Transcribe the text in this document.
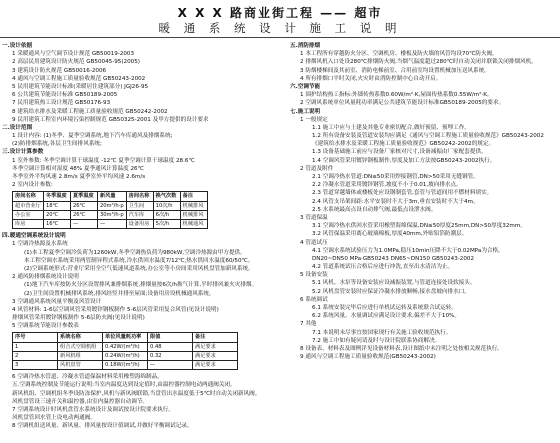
X X X 路商业街工程 —— 超市
暖 通 系 统 设 计 施 工 说 明
一.设计依据
1 采暖通风与空气调节设计规范 GB50019-2003
2 高层民用建筑设计防火规范 GB50045-95(2005)
3 建筑设计防火规范 GB50016-2006
4 通风与空调工程施工质量验收规范 GB50243-2002
5 民用建筑节能设计标准(采暖居住建筑部分) JGJ26-95
6 公共建筑节能设计标准 GB50189-2005
7 民用建筑热工设计规范 GB50176-93
8 建筑给水排水及采暖工程施工质量验收规范 GB50242-2002
9 民用建筑工程室内环境污染控制规范 GB50325-2001 及甲方提供的设计要求
二.设计范围
1 设计内容: (1)冬季、夏季空调系统,地下汽车库通风及排烟系统;
(2)防排烟系统,各层卫生间排风系统;
三.设计计算参数
1 室外参数: 冬季空调计算干球温度 -12℃ 夏季空调计算干球温度 28.6℃
冬季空调计算相对湿度 48% 夏季通风计算温度 26℃
冬季室外平均风速 2.8m/s 夏季室外平均风速 2.6m/s
2 室内设计参数:
房间名称	冬季温度	夏季温度	新风量	房间名称	换气次数	备注
超市营业厅	18℃	26℃	20m³/h·p	卫生间	10次/h	机械排风
办公室	20℃	26℃	30m³/h·p	汽车库	6次/h	机械排风
库房	16℃	—	—	设备用房	5次/h	机械通风
四.暖通空调系统设计说明
1 空调冷热源及水系统
(1)本工程夏季空调冷负荷为1260kW,冬季空调热负荷为980kW,空调冷热源由甲方提供。
本工程空调水系统采用两管制异程式系统,冷水供回水温度7/12℃,热水供回水温度60/50℃。
(2)空调系统形式:营业厅采用全空气低速风道系统,办公室等小房间采用风机盘管加新风系统。
2 通风防排烟系统设计说明
(1)地下汽车库按防火分区设置排风兼排烟系统,排烟量按6次/h换气计算,平时排风兼火灾排烟。
(2)卫生间设置机械排风系统,排风经竖井排至屋面;设备用房设机械通风系统。
3 空调通风系统风量平衡及风管设计
4 风管材料: 1-6层空调风管采用镀锌钢板制作 5-6层风管采用复合风管(见设计说明)
排烟风管采用镀锌钢板制作 5-6层防火阀(见设计说明)
5 空调系统节能设计参数表
序号	系统名称	单位风量耗功率	限值	备注
1	组合式空调机组	0.42W/(m³/h)	0.48	满足要求
2	新风机组	0.24W/(m³/h)	0.32	满足要求
3	风机盘管	0.18W/(m³/h)	—	满足要求
6 空调冷热水管道、冷凝水管道保温材料采用橡塑海绵制品。
五.空调系统控制及节能运行说明:当室内温度达到设定值时,由温控器控制电动两通阀关闭。
新风机组、空调机组冬季设防冻保护,风机与新风阀联锁,当盘管出水温度低于5℃时自动关闭新风阀。
风机盘管设三速开关和温控器,由室内温控器自动调节。
7 空调系统设计时风机盘管水系统设计及调试按设计院要求执行。
风机盘管回水管上设电动两通阀。
8 空调机组送风量、新风量、排风量按设计值调试,并做好平衡调试记录。
五.消防排烟
1 本工程所有穿越防火分区、空调机房、楼板及防火墙的风管均设70℃防火阀,
2 排烟风机入口处设280℃排烟防火阀,当烟气温度超过280℃时自动关闭并联锁关闭排烟风机。
3 防烟楼梯间及其前室、消防电梯前室、合用前室均设置机械加压送风系统。
4 所有排烟口平时关闭,火灾时由消防控制中心自动开启。
六.空调节能
1 围护结构热工指标:外墙传热系数0.60W/m²·K,屋面传热系数0.55W/m²·K。
2 空调风系统单位风量耗功率满足公共建筑节能设计标准GB50189-2005的要求。
七.施工说明
1 一般规定
1.1 施工中应与土建及其他专业密切配合,做好预留、预埋工作。
1.2 所有设备安装及管道安装均应满足《通风与空调工程施工质量验收规范》GB50243-2002
《建筑给水排水及采暖工程施工质量验收规范》GB50242-2002的规定。
1.3 设备基础施工前应与设备厂家核对尺寸,设备减振由厂家配套提供。
1.4 空调风管采用镀锌钢板制作,厚度及加工方法按GB50243-2002执行。
2 管道及附件
2.1 空调冷热水管道:DN≤50采用焊接钢管,DN>50采用无缝钢管。
2.2 冷凝水管道采用镀锌钢管,坡度不小于0.01,坡向排水点。
2.3 管道穿越墙体或楼板处应设钢制套管,套管与管道间用不燃材料填实。
2.4 风管支吊架间距:水平安装时不大于3m,垂直安装时不大于4m。
2.5 水系统最高点设自动排气阀,最低点设泄水阀。
3 管道保温
3.1 空调冷热水供回水管采用橡塑海绵保温,DN≤50厚度25mm,DN>50厚度32mm。
3.2 风管保温采用离心玻璃棉板,厚度40mm,外贴铝箔防潮层。
4 管道试压
4.1 空调水系统试验压力为1.0MPa,稳压10min压降不大于0.02MPa为合格。
DN20~DN50 MPa·GB50243 DN65~DN150 GB50243-2002
4.2 管道系统试压合格后应进行冲洗,直至出水清洁为止。
5 设备安装
5.1 风机、水泵等设备安装应设减振装置,与管道连接处设软接头。
5.2 风机盘管安装时应保证冷凝水排放顺畅,接水盘坡向排水口。
6 系统调试
6.1 系统安装完毕后应进行单机试运转及系统联合试运转。
6.2 系统风量、水量调试应满足设计要求,偏差不大于10%。
7 其他
7.1 本说明未尽事宜按国家现行有关施工验收规范执行。
7.2 施工中如有疑问请及时与设计院联系协商解决。
8 设备表、材料表及图例详见设备材料表,设计图纸中未注明之处按相关规范执行。
9 通风与空调工程施工质量验收规范(GB50243-2002)
